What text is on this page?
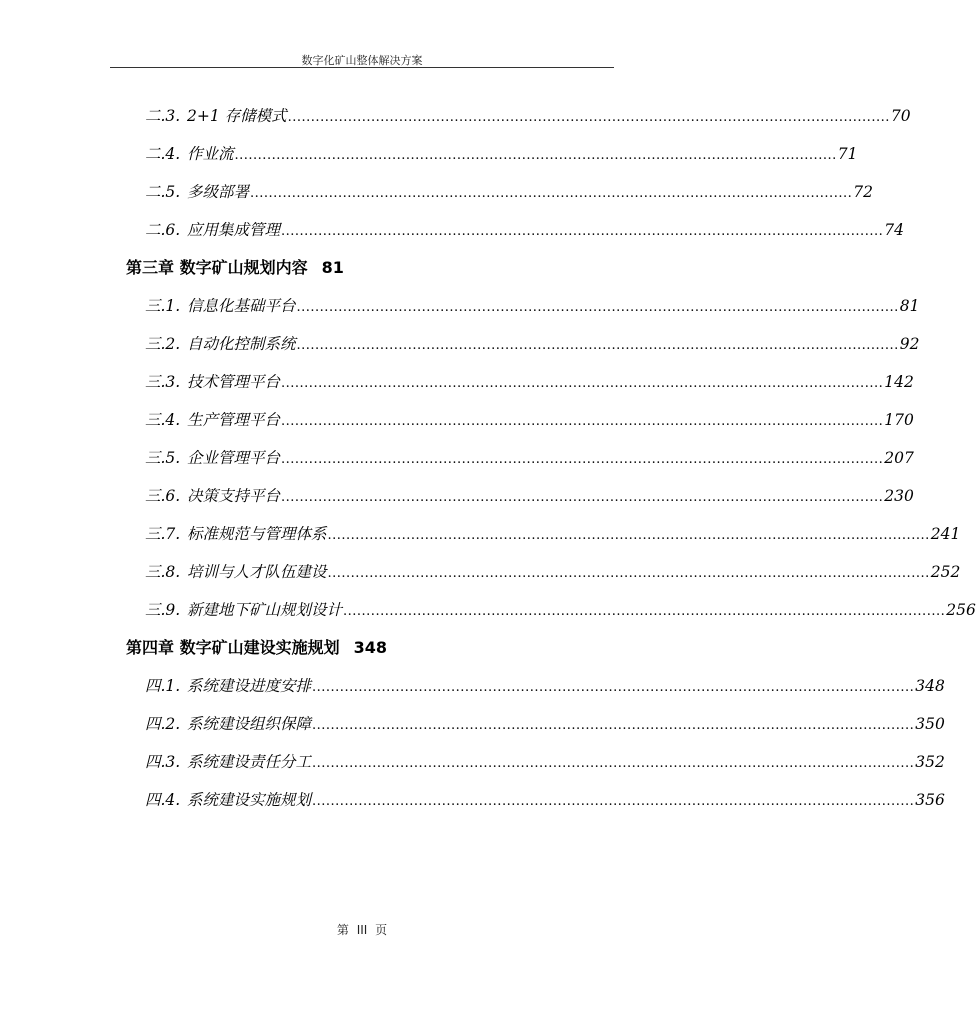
数字化矿山整体解决方案
二.3. 2+1 存储模式 .................................................................................................................................. 70
二.4. 作业流 .................................................................................................................................. 71
二.5. 多级部署 .................................................................................................................................. 72
二.6. 应用集成管理 .................................................................................................................................. 74
第三章 数字矿山规划内容 81
三.1. 信息化基础平台 .................................................................................................................................. 81
三.2. 自动化控制系统 .................................................................................................................................. 92
三.3. 技术管理平台 .................................................................................................................................. 142
三.4. 生产管理平台 .................................................................................................................................. 170
三.5. 企业管理平台 .................................................................................................................................. 207
三.6. 决策支持平台 .................................................................................................................................. 230
三.7. 标准规范与管理体系 .................................................................................................................................. 241
三.8. 培训与人才队伍建设 .................................................................................................................................. 252
三.9. 新建地下矿山规划设计 .................................................................................................................................. 256
第四章 数字矿山建设实施规划 348
四.1. 系统建设进度安排 .................................................................................................................................. 348
四.2. 系统建设组织保障 .................................................................................................................................. 350
四.3. 系统建设责任分工 .................................................................................................................................. 352
四.4. 系统建设实施规划 .................................................................................................................................. 356
第 III 页
